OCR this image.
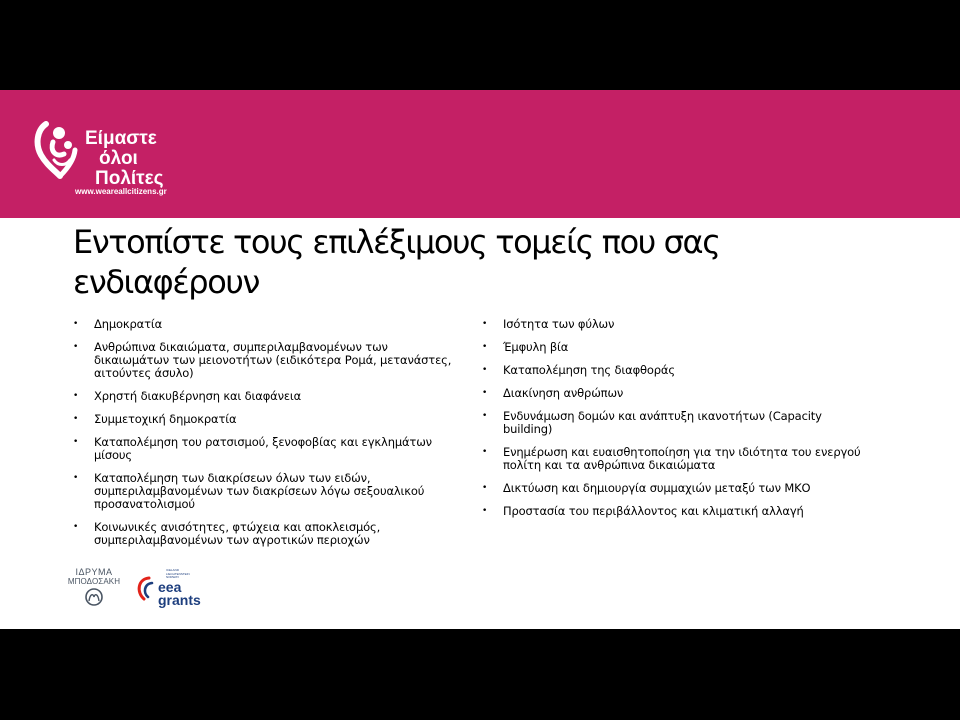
Είμαστε
όλοι
Πολίτες
www.weareallcitizens.gr
Εντοπίστε τους επιλέξιμους τομείς που σας ενδιαφέρουν
• Δημοκρατία
• Ανθρώπινα δικαιώματα, συμπεριλαμβανομένων των δικαιωμάτων των μειονοτήτων (ειδικότερα Ρομά, μετανάστες, αιτούντες άσυλο)
• Χρηστή διακυβέρνηση και διαφάνεια
• Συμμετοχική δημοκρατία
• Καταπολέμηση του ρατσισμού, ξενοφοβίας και εγκλημάτων μίσους
• Καταπολέμηση των διακρίσεων όλων των ειδών, συμπεριλαμβανομένων των διακρίσεων λόγω σεξουαλικού προσανατολισμού
• Κοινωνικές ανισότητες, φτώχεια και αποκλεισμός, συμπεριλαμβανομένων των αγροτικών περιοχών
• Ισότητα των φύλων
• Έμφυλη βία
• Καταπολέμηση της διαφθοράς
• Διακίνηση ανθρώπων
• Ενδυνάμωση δομών και ανάπτυξη ικανοτήτων (Capacity building)
• Ενημέρωση και ευαισθητοποίηση για την ιδιότητα του ενεργού πολίτη και τα ανθρώπινα δικαιώματα
• Δικτύωση και δημιουργία συμμαχιών μεταξύ των ΜΚΟ
• Προστασία του περιβάλλοντος και κλιματική αλλαγή
ΙΔΡΥΜΑ
ΜΠΟΔΟΣΑΚΗ
ICELAND
LIECHTENSTEIN
NORWAY
eea
grants
